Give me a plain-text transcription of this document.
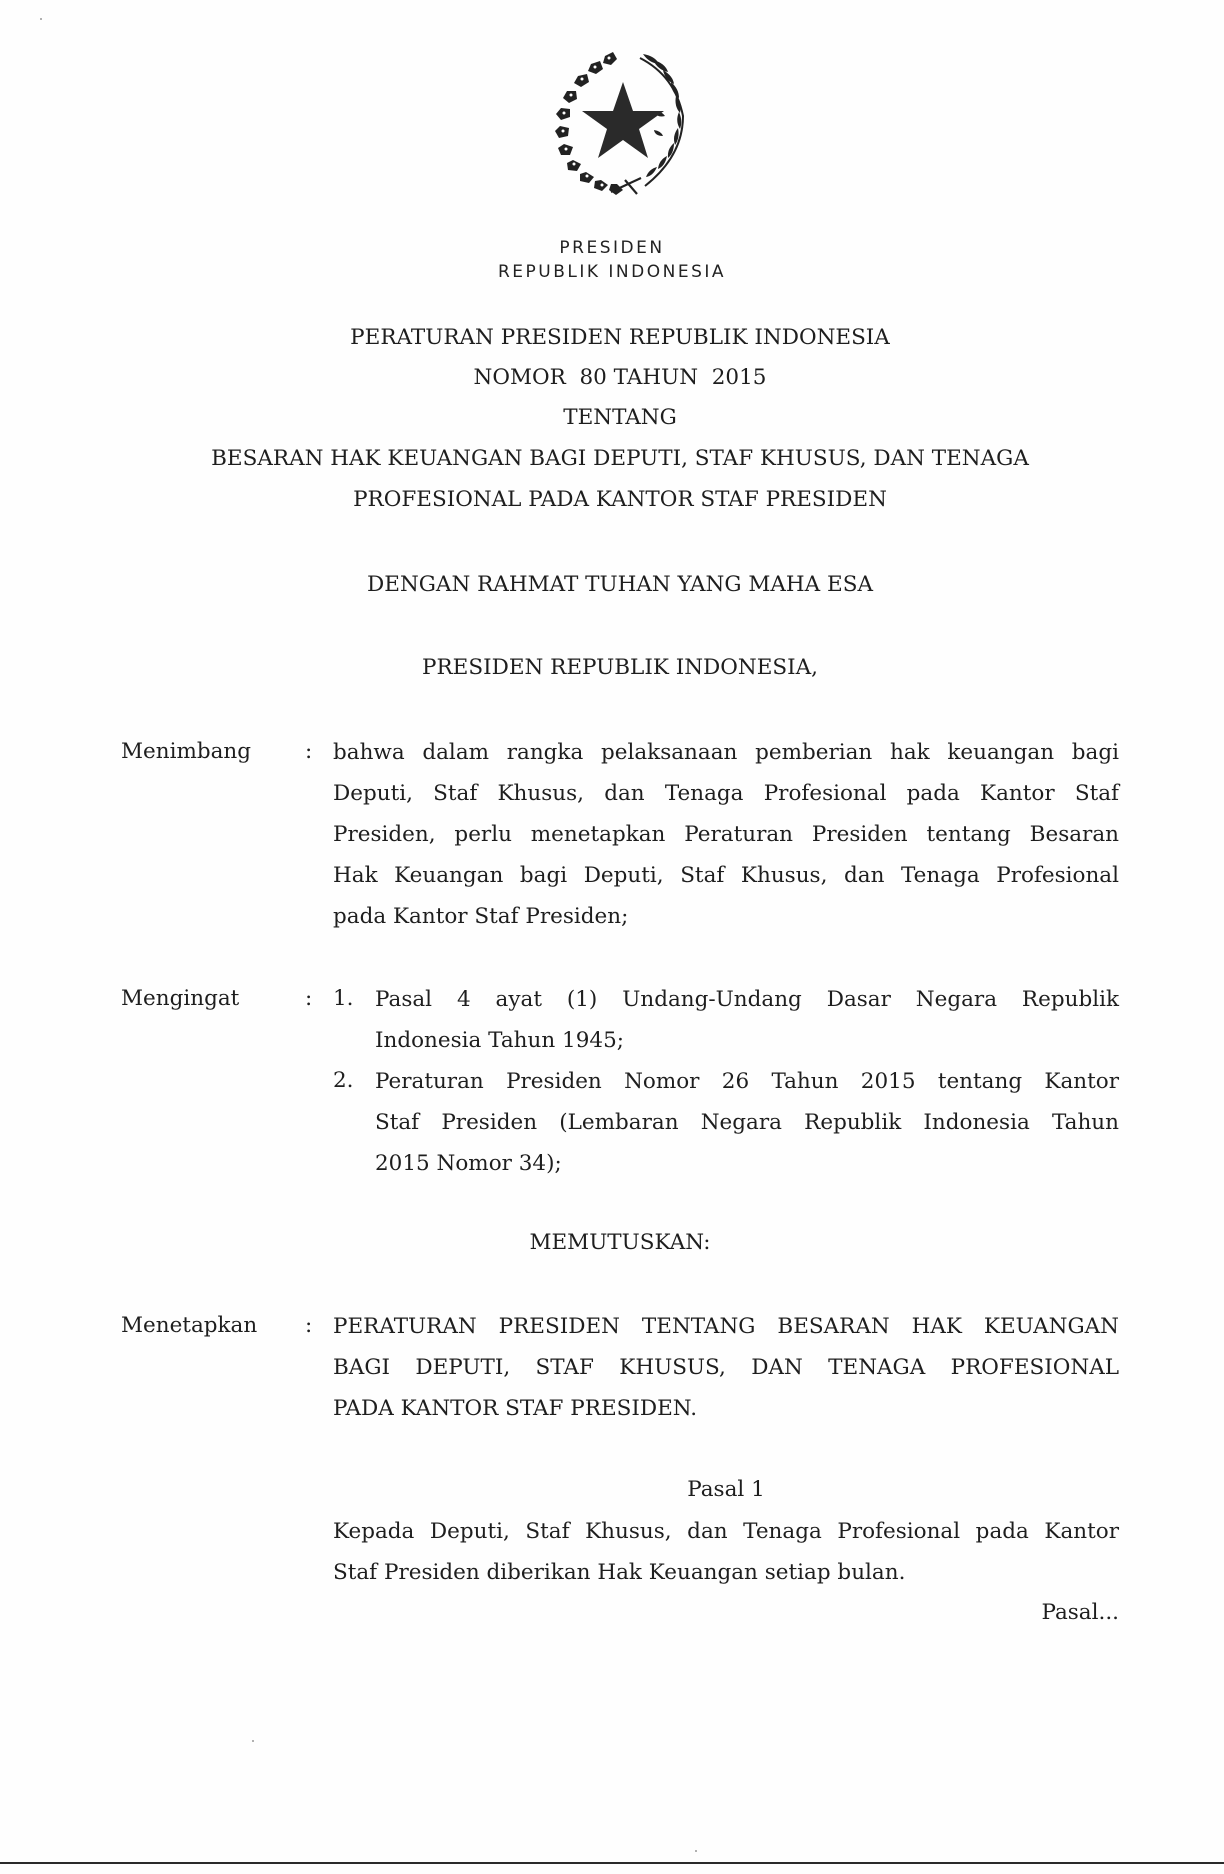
PRESIDEN
REPUBLIK INDONESIA
PERATURAN PRESIDEN REPUBLIK INDONESIA
NOMOR  80 TAHUN  2015
TENTANG
BESARAN HAK KEUANGAN BAGI DEPUTI, STAF KHUSUS, DAN TENAGA
PROFESIONAL PADA KANTOR STAF PRESIDEN
DENGAN RAHMAT TUHAN YANG MAHA ESA
PRESIDEN REPUBLIK INDONESIA,
Menimbang	: bahwa dalam rangka pelaksanaan pemberian hak keuangan bagi
Deputi, Staf Khusus, dan Tenaga Profesional pada Kantor Staf
Presiden, perlu menetapkan Peraturan Presiden tentang Besaran
Hak Keuangan bagi Deputi, Staf Khusus, dan Tenaga Profesional
pada Kantor Staf Presiden;
Mengingat	: 1. Pasal 4 ayat (1) Undang-Undang Dasar Negara Republik
Indonesia Tahun 1945;
2. Peraturan Presiden Nomor 26 Tahun 2015 tentang Kantor
Staf Presiden (Lembaran Negara Republik Indonesia Tahun
2015 Nomor 34);
MEMUTUSKAN:
Menetapkan : PERATURAN PRESIDEN TENTANG BESARAN HAK KEUANGAN
BAGI DEPUTI, STAF KHUSUS, DAN TENAGA PROFESIONAL
PADA KANTOR STAF PRESIDEN.
Pasal 1
Kepada Deputi, Staf Khusus, dan Tenaga Profesional pada Kantor
Staf Presiden diberikan Hak Keuangan setiap bulan.
Pasal...
